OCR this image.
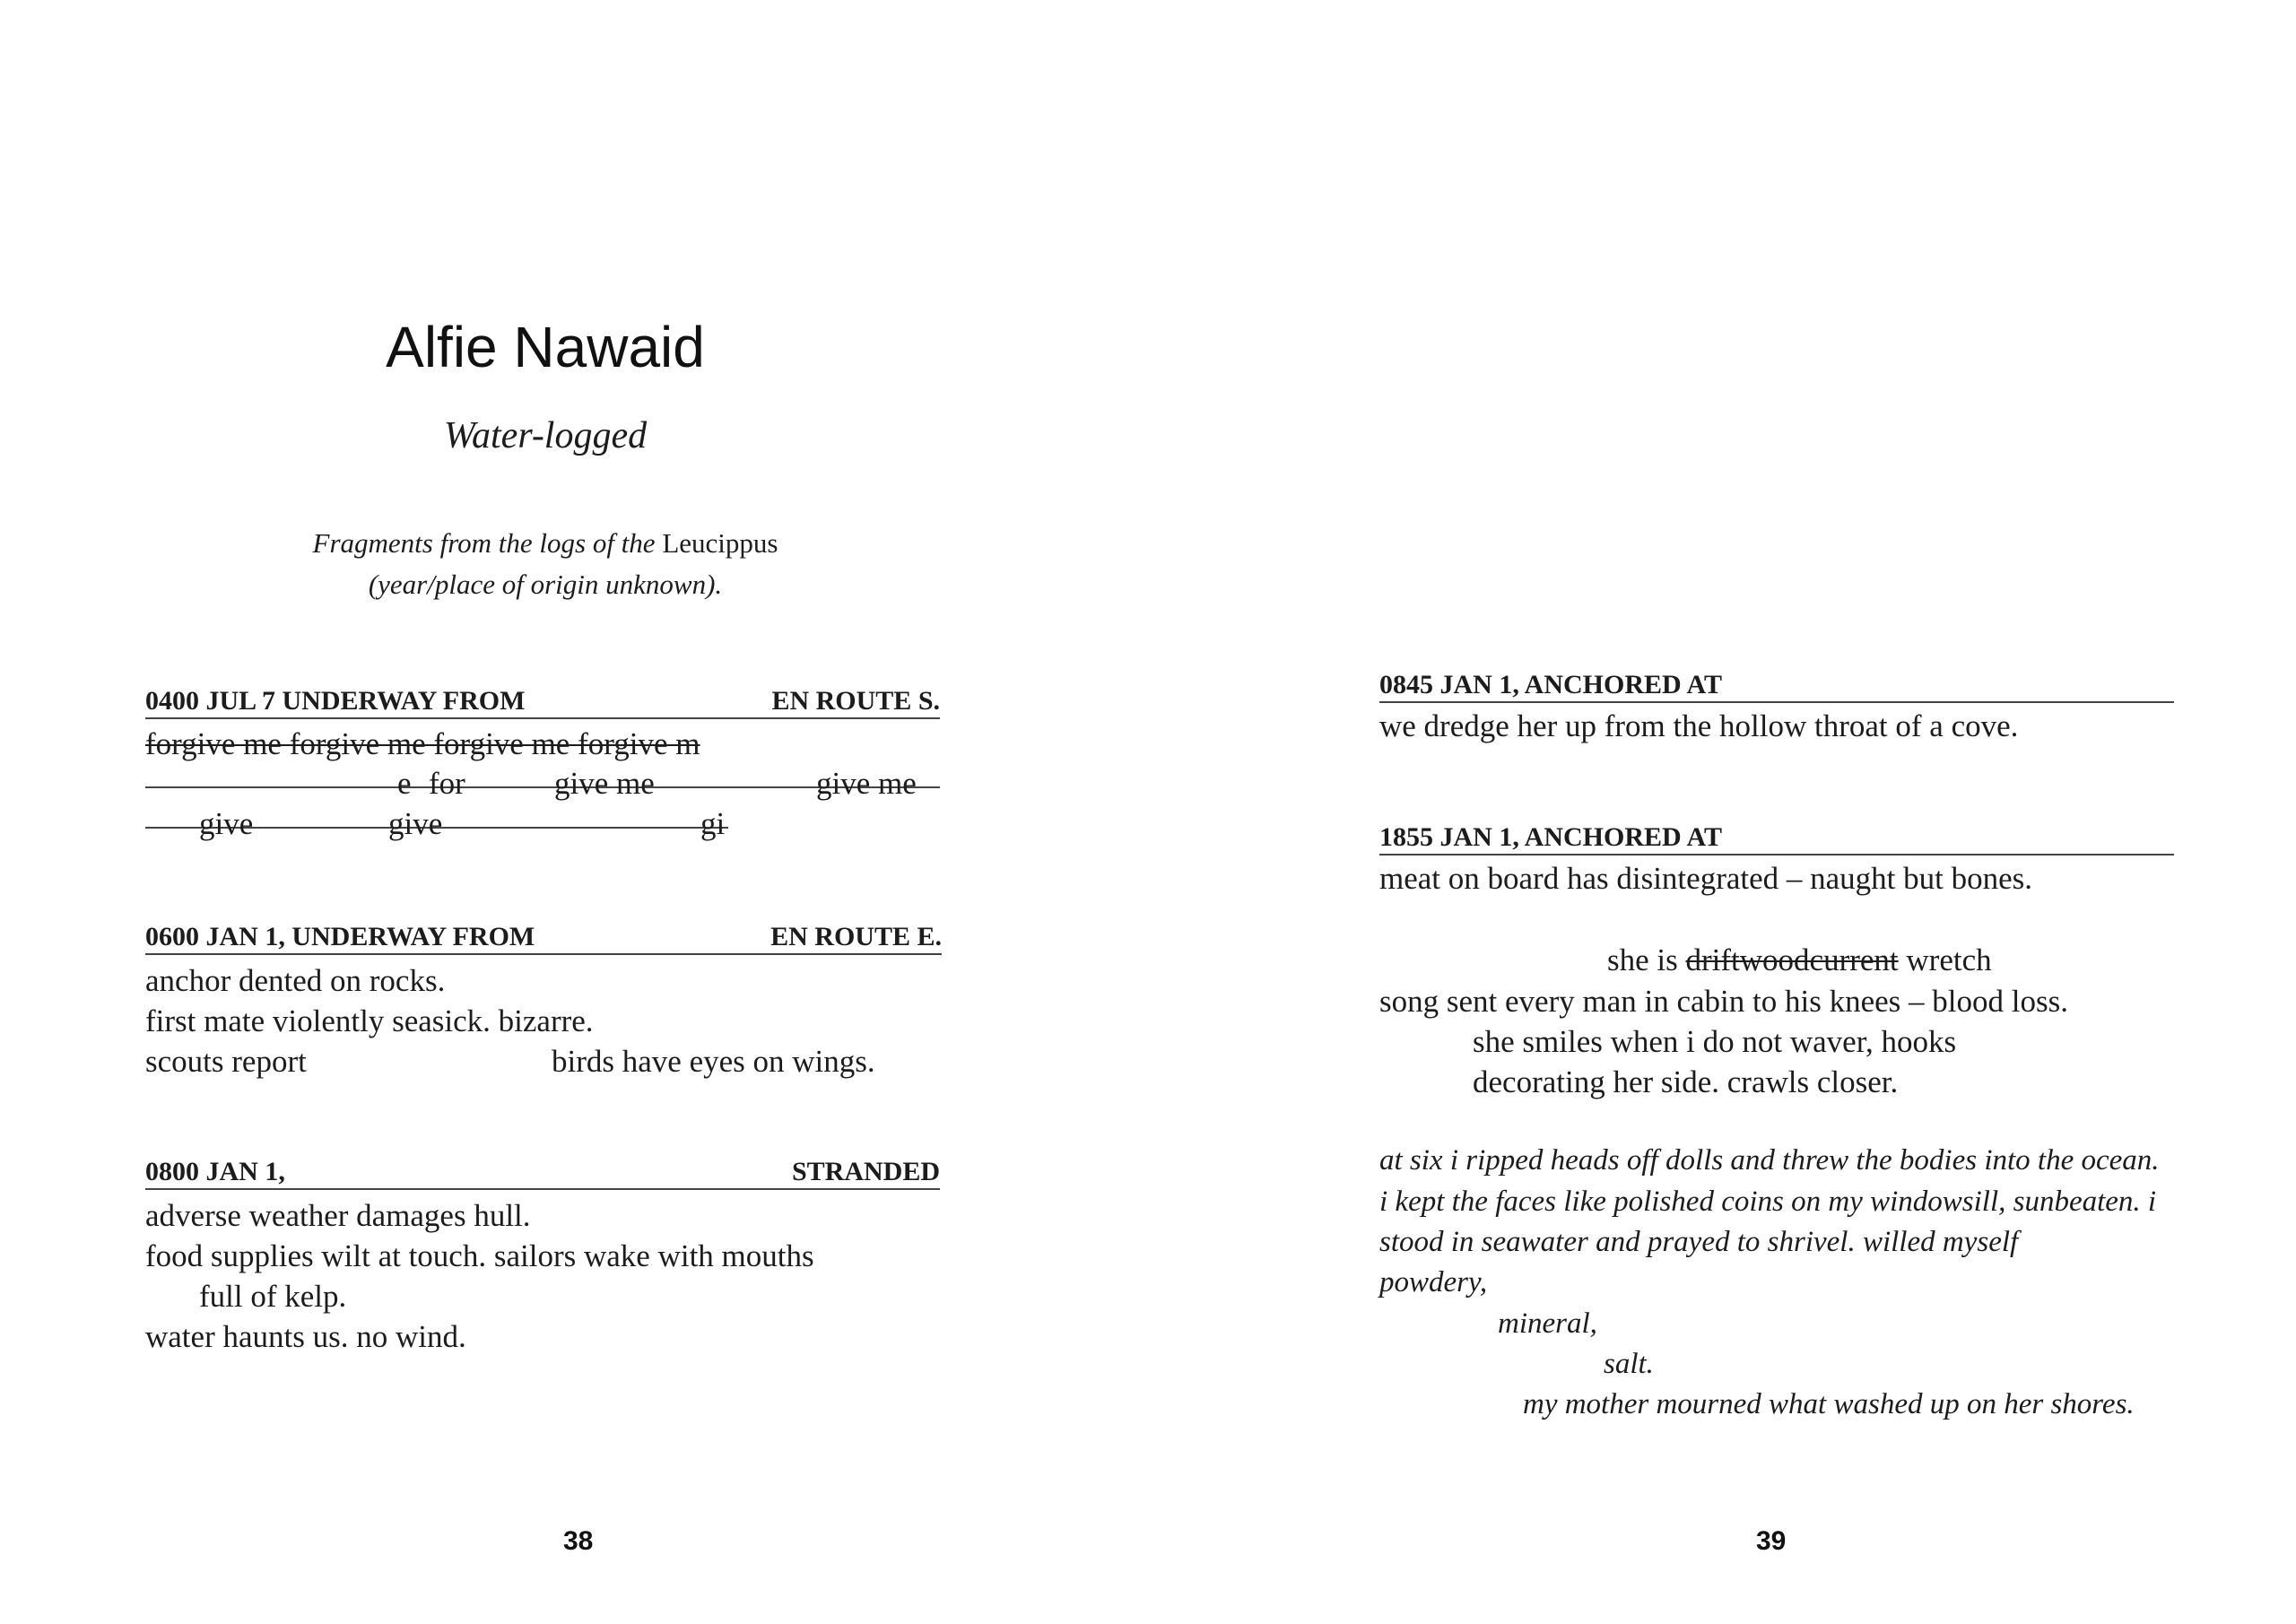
Alfie Nawaid
Water-logged
Fragments from the logs of the Leucippus
(year/place of origin unknown).
0400 JUL 7 UNDERWAY FROM	EN ROUTE S.
forgive me forgive me forgive me forgive m
e for	give me	give me
give	give	gi
0600 JAN 1, UNDERWAY FROM	EN ROUTE E.
anchor dented on rocks.
first mate violently seasick. bizarre.
scouts report	birds have eyes on wings.
0800 JAN 1,	STRANDED
adverse weather damages hull.
food supplies wilt at touch. sailors wake with mouths
full of kelp.
water haunts us. no wind.
38
0845 JAN 1, ANCHORED AT
we dredge her up from the hollow throat of a cove.
1855 JAN 1, ANCHORED AT
meat on board has disintegrated – naught but bones.
she is driftwoodcurrent wretch
song sent every man in cabin to his knees – blood loss.
she smiles when i do not waver, hooks
decorating her side. crawls closer.
at six i ripped heads off dolls and threw the bodies into the ocean.
i kept the faces like polished coins on my windowsill, sunbeaten. i
stood in seawater and prayed to shrivel. willed myself
powdery,
mineral,
salt.
my mother mourned what washed up on her shores.
39
